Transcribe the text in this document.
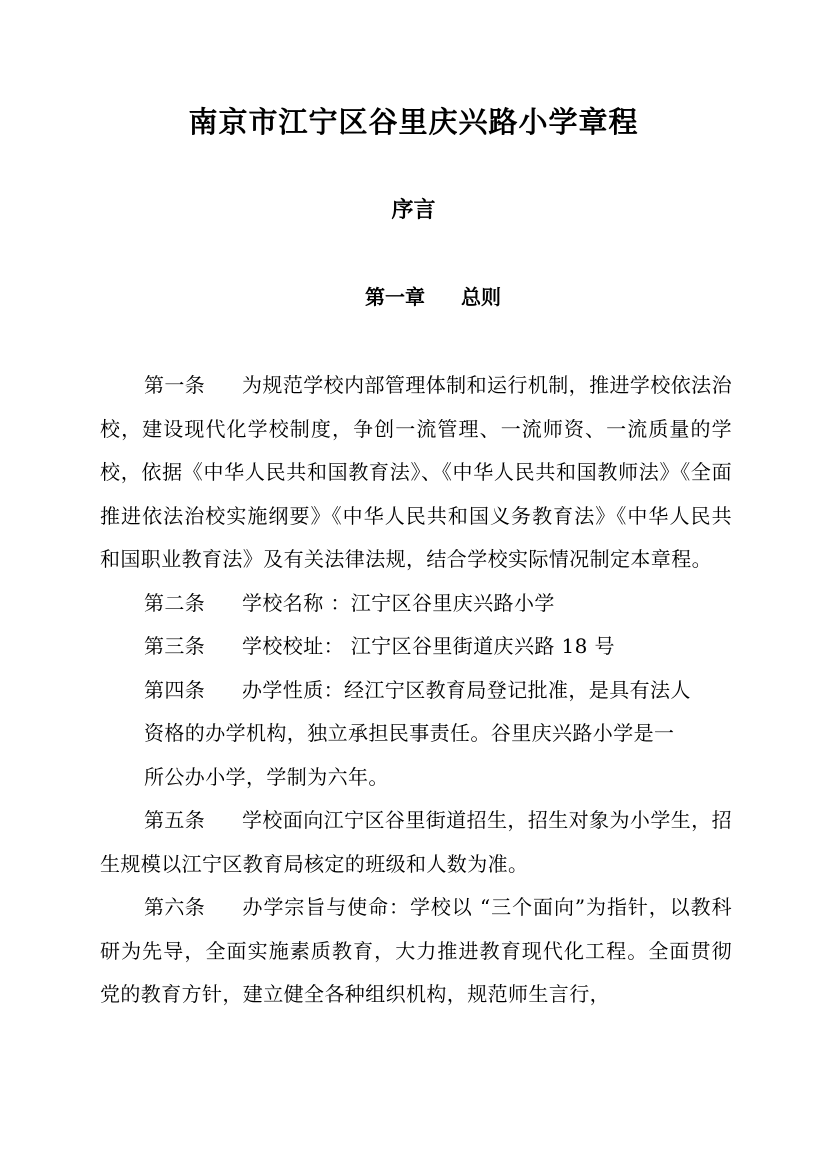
南京市江宁区谷里庆兴路小学章程
序言
第一章 总则

第一条 为规范学校内部管理体制和运行机制，推进学校依法治校，建设现代化学校制度，争创一流管理、一流师资、一流质量的学校，依据《中华人民共和国教育法》、《中华人民共和国教师法》《全面推进依法治校实施纲要》《中华人民共和国义务教育法》《中华人民共和国职业教育法》及有关法律法规，结合学校实际情况制定本章程。

第二条 学校名称 ：江宁区谷里庆兴路小学

第三条 学校校址： 江宁区谷里街道庆兴路 18 号

第四条 办学性质：经江宁区教育局登记批准，是具有法人
资格的办学机构，独立承担民事责任。谷里庆兴路小学是一
所公办小学，学制为六年。

第五条 学校面向江宁区谷里街道招生，招生对象为小学生，招生规模以江宁区教育局核定的班级和人数为准。

第六条 办学宗旨与使命：学校以 “三个面向”为指针，以教科研为先导，全面实施素质教育，大力推进教育现代化工程。全面贯彻党的教育方针，建立健全各种组织机构，规范师生言行，
